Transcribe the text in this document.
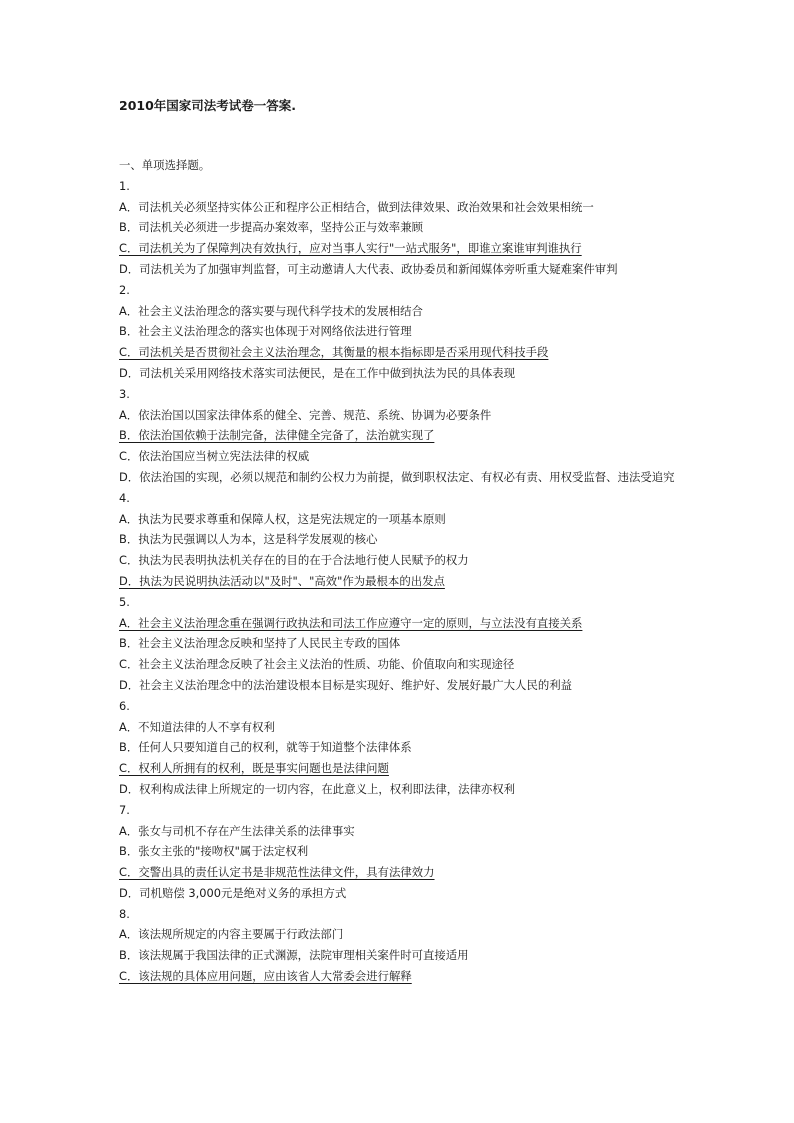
2010年国家司法考试卷一答案.
一、单项选择题。
1.
A．司法机关必须坚持实体公正和程序公正相结合，做到法律效果、政治效果和社会效果相统一
B．司法机关必须进一步提高办案效率，坚持公正与效率兼顾
C．司法机关为了保障判决有效执行，应对当事人实行"一站式服务"，即谁立案谁审判谁执行
D．司法机关为了加强审判监督，可主动邀请人大代表、政协委员和新闻媒体旁听重大疑难案件审判
2.
A．社会主义法治理念的落实要与现代科学技术的发展相结合
B．社会主义法治理念的落实也体现于对网络依法进行管理
C．司法机关是否贯彻社会主义法治理念，其衡量的根本指标即是否采用现代科技手段
D．司法机关采用网络技术落实司法便民，是在工作中做到执法为民的具体表现
3.
A．依法治国以国家法律体系的健全、完善、规范、系统、协调为必要条件
B．依法治国依赖于法制完备，法律健全完备了，法治就实现了
C．依法治国应当树立宪法法律的权威
D．依法治国的实现，必须以规范和制约公权力为前提，做到职权法定、有权必有责、用权受监督、违法受追究
4.
A．执法为民要求尊重和保障人权，这是宪法规定的一项基本原则
B．执法为民强调以人为本，这是科学发展观的核心
C．执法为民表明执法机关存在的目的在于合法地行使人民赋予的权力
D．执法为民说明执法活动以"及时"、"高效"作为最根本的出发点
5.
A．社会主义法治理念重在强调行政执法和司法工作应遵守一定的原则，与立法没有直接关系
B．社会主义法治理念反映和坚持了人民民主专政的国体
C．社会主义法治理念反映了社会主义法治的性质、功能、价值取向和实现途径
D．社会主义法治理念中的法治建设根本目标是实现好、维护好、发展好最广大人民的利益
6.
A．不知道法律的人不享有权利
B．任何人只要知道自己的权利，就等于知道整个法律体系
C．权利人所拥有的权利，既是事实问题也是法律问题
D．权利构成法律上所规定的一切内容，在此意义上，权利即法律，法律亦权利
7.
A．张女与司机不存在产生法律关系的法律事实
B．张女主张的"接吻权"属于法定权利
C．交警出具的责任认定书是非规范性法律文件，具有法律效力
D．司机赔偿 3,000元是绝对义务的承担方式
8.
A．该法规所规定的内容主要属于行政法部门
B．该法规属于我国法律的正式渊源，法院审理相关案件时可直接适用
C．该法规的具体应用问题，应由该省人大常委会进行解释
